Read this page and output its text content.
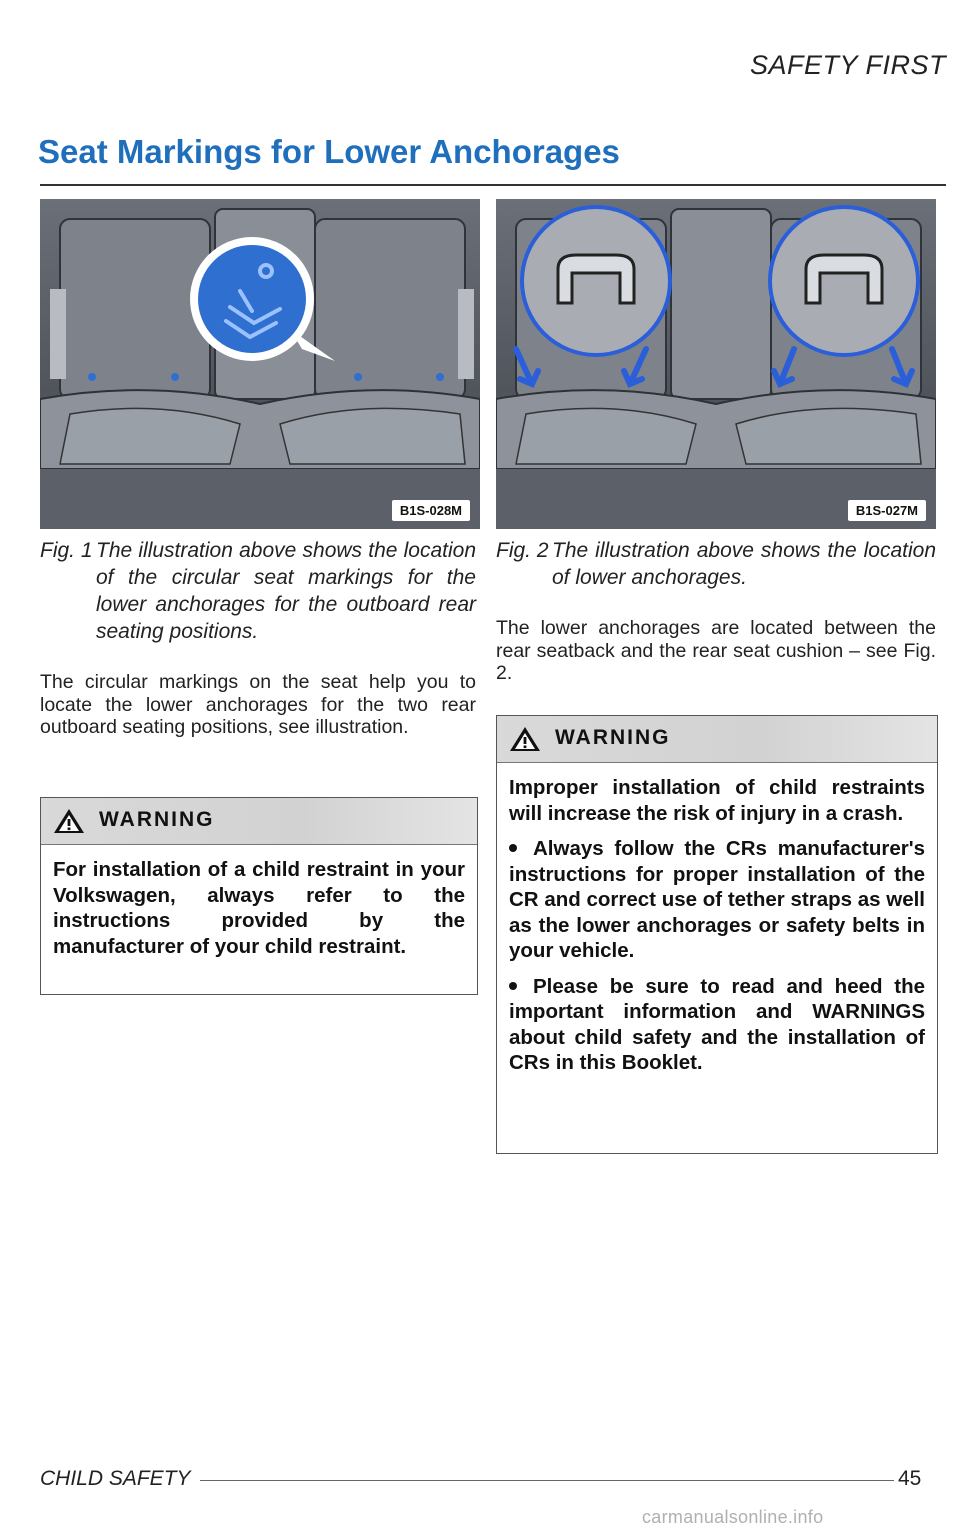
SAFETY FIRST
Seat Markings for Lower Anchorages
B1S-028M	B1S-027M
Fig. 1 The illustration above shows the location of the circular seat markings for the lower anchorages for the outboard rear seating positions.
Fig. 2 The illustration above shows the location of lower anchorages.

The circular markings on the seat help you to locate the lower anchorages for the two rear outboard seating positions, see illustration.

The lower anchorages are located between the rear seatback and the rear seat cushion – see Fig. 2.

WARNING

For installation of a child restraint in your Volkswagen, always refer to the instructions provided by the manufacturer of your child restraint.

WARNING

Improper installation of child restraints will increase the risk of injury in a crash.

Always follow the CRs manufacturer's instructions for proper installation of the CR and correct use of tether straps as well as the lower anchorages or safety belts in your vehicle.

Please be sure to read and heed the important information and WARNINGS about child safety and the installation of CRs in this Booklet.

CHILD SAFETY	45
carmanualsonline.info
